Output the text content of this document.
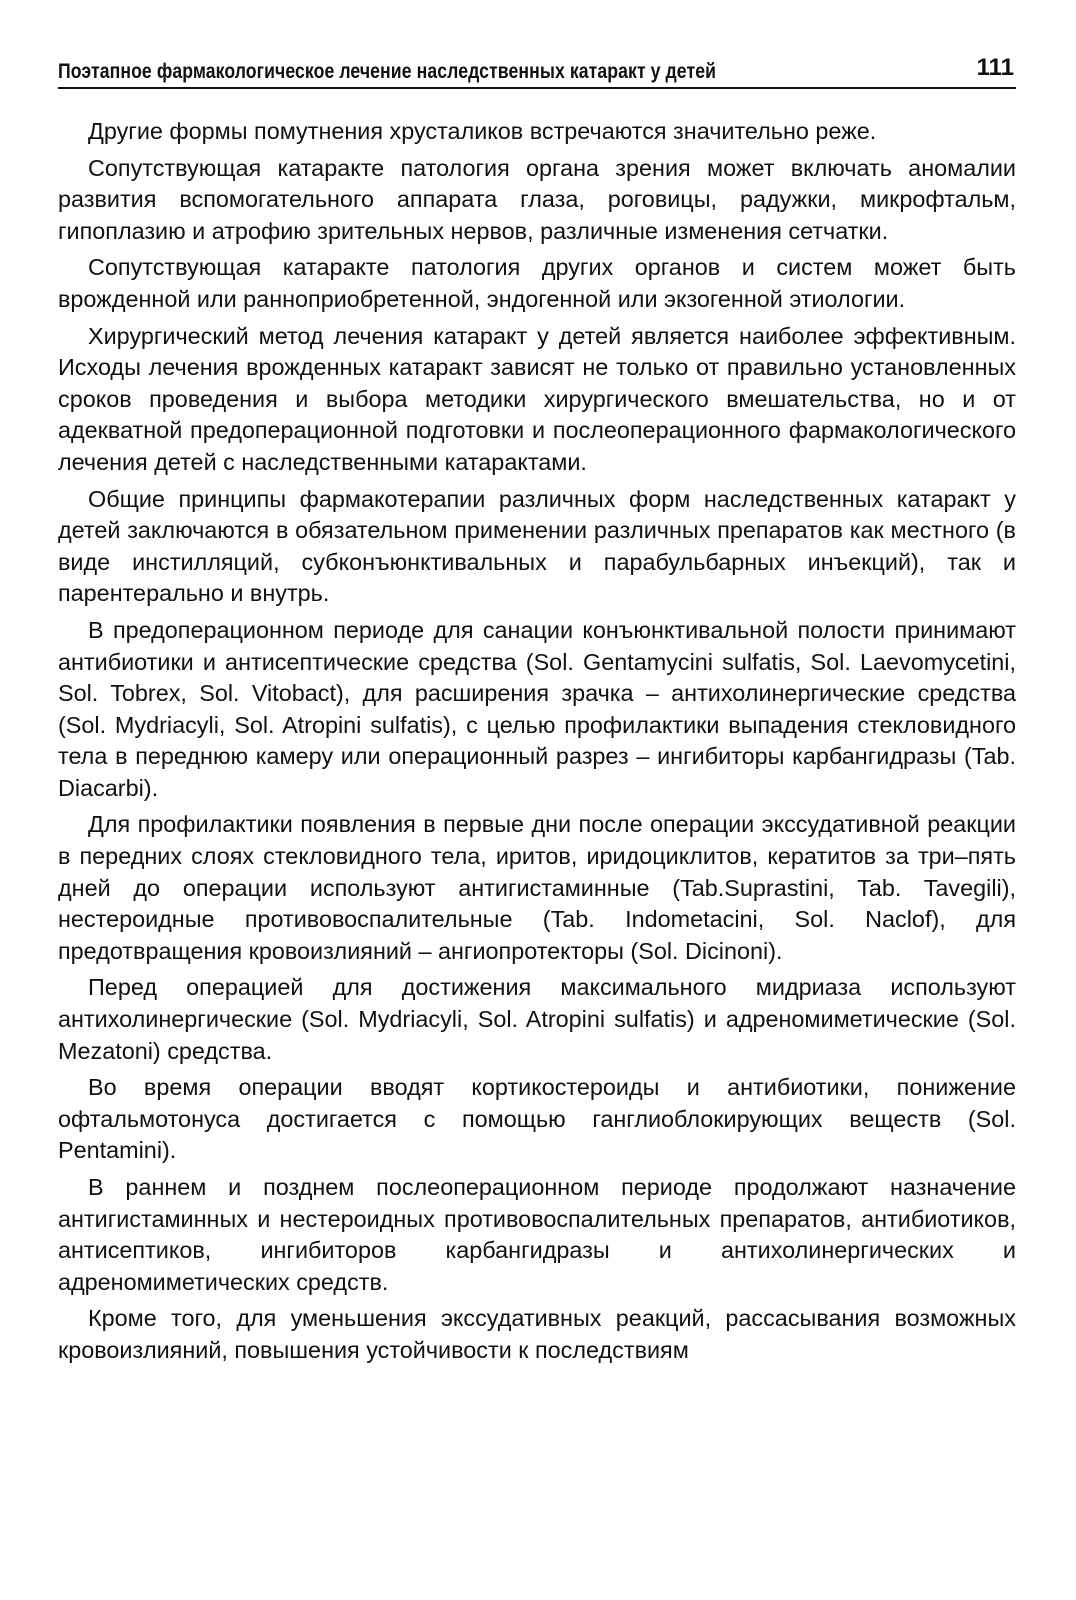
Поэтапное фармакологическое лечение наследственных катаракт у детей	111

Другие формы помутнения хрусталиков встречаются значительно реже.

Сопутствующая катаракте патология органа зрения может включать аномалии развития вспомогательного аппарата глаза, роговицы, радужки, микрофтальм, гипоплазию и атрофию зрительных нервов, различные изменения сетчатки.

Сопутствующая катаракте патология других органов и систем может быть врожденной или ранноприобретенной, эндогенной или экзогенной этиологии.

Хирургический метод лечения катаракт у детей является наиболее эффективным. Исходы лечения врожденных катаракт зависят не только от правильно установленных сроков проведения и выбора методики хирургического вмешательства, но и от адекватной предоперационной подготовки и послеоперационного фармакологического лечения детей с наследственными катарактами.

Общие принципы фармакотерапии различных форм наследственных катаракт у детей заключаются в обязательном применении различных препаратов как местного (в виде инстилляций, субконъюнктивальных и парабульбарных инъекций), так и парентерально и внутрь.

В предоперационном периоде для санации конъюнктивальной полости принимают антибиотики и антисептические средства (Sol. Gentamycini sulfatis, Sol. Laevomycetini, Sol. Tobrex, Sol. Vitobact), для расширения зрачка – антихолинергические средства (Sol. Mydriacyli, Sol. Atropini sulfatis), с целью профилактики выпадения стекловидного тела в переднюю камеру или операционный разрез – ингибиторы карбангидразы (Tab. Diacarbi).

Для профилактики появления в первые дни после операции экссудативной реакции в передних слоях стекловидного тела, иритов, иридоциклитов, кератитов за три–пять дней до операции используют антигистаминные (Tab.Suprastini, Tab. Tavegili), нестероидные противовоспалительные (Tab. Indometacini, Sol. Naclof), для предотвращения кровоизлияний – ангиопротекторы (Sol. Dicinoni).

Перед операцией для достижения максимального мидриаза используют антихолинергические (Sol. Mydriacyli, Sol. Atropini sulfatis) и адреномиметические (Sol. Mezatoni) средства.

Во время операции вводят кортикостероиды и антибиотики, понижение офтальмотонуса достигается с помощью ганглиоблокирующих веществ (Sol. Pentamini).

В раннем и позднем послеоперационном периоде продолжают назначение антигистаминных и нестероидных противовоспалительных препаратов, антибиотиков, антисептиков, ингибиторов карбангидразы и антихолинергических и адреномиметических средств.

Кроме того, для уменьшения экссудативных реакций, рассасывания возможных кровоизлияний, повышения устойчивости к последствиям
